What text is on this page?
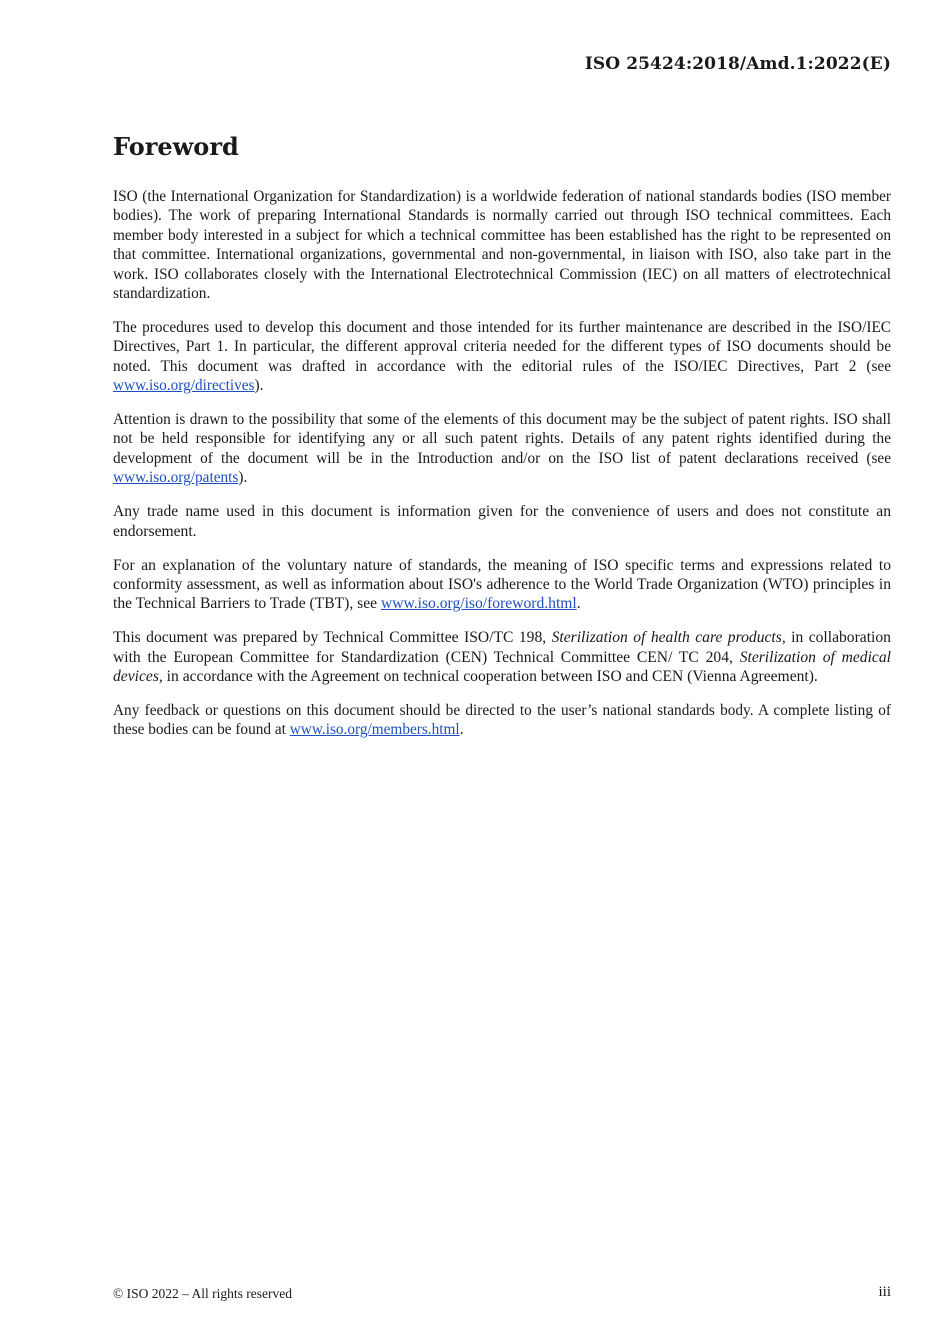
ISO 25424:2018/Amd.1:2022(E)
Foreword

ISO (the International Organization for Standardization) is a worldwide federation of national standards bodies (ISO member bodies). The work of preparing International Standards is normally carried out through ISO technical committees. Each member body interested in a subject for which a technical committee has been established has the right to be represented on that committee. International organizations, governmental and non-governmental, in liaison with ISO, also take part in the work. ISO collaborates closely with the International Electrotechnical Commission (IEC) on all matters of electrotechnical standardization.

The procedures used to develop this document and those intended for its further maintenance are described in the ISO/IEC Directives, Part 1. In particular, the different approval criteria needed for the different types of ISO documents should be noted. This document was drafted in accordance with the editorial rules of the ISO/IEC Directives, Part 2 (see www.iso.org/directives).

Attention is drawn to the possibility that some of the elements of this document may be the subject of patent rights. ISO shall not be held responsible for identifying any or all such patent rights. Details of any patent rights identified during the development of the document will be in the Introduction and/or on the ISO list of patent declarations received (see www.iso.org/patents).

Any trade name used in this document is information given for the convenience of users and does not constitute an endorsement.

For an explanation of the voluntary nature of standards, the meaning of ISO specific terms and expressions related to conformity assessment, as well as information about ISO's adherence to the World Trade Organization (WTO) principles in the Technical Barriers to Trade (TBT), see www.iso.org/iso/foreword.html.

This document was prepared by Technical Committee ISO/TC 198, Sterilization of health care products, in collaboration with the European Committee for Standardization (CEN) Technical Committee CEN/ TC 204, Sterilization of medical devices, in accordance with the Agreement on technical cooperation between ISO and CEN (Vienna Agreement).

Any feedback or questions on this document should be directed to the user’s national standards body. A complete listing of these bodies can be found at www.iso.org/members.html.

© ISO 2022 – All rights reserved	iii
